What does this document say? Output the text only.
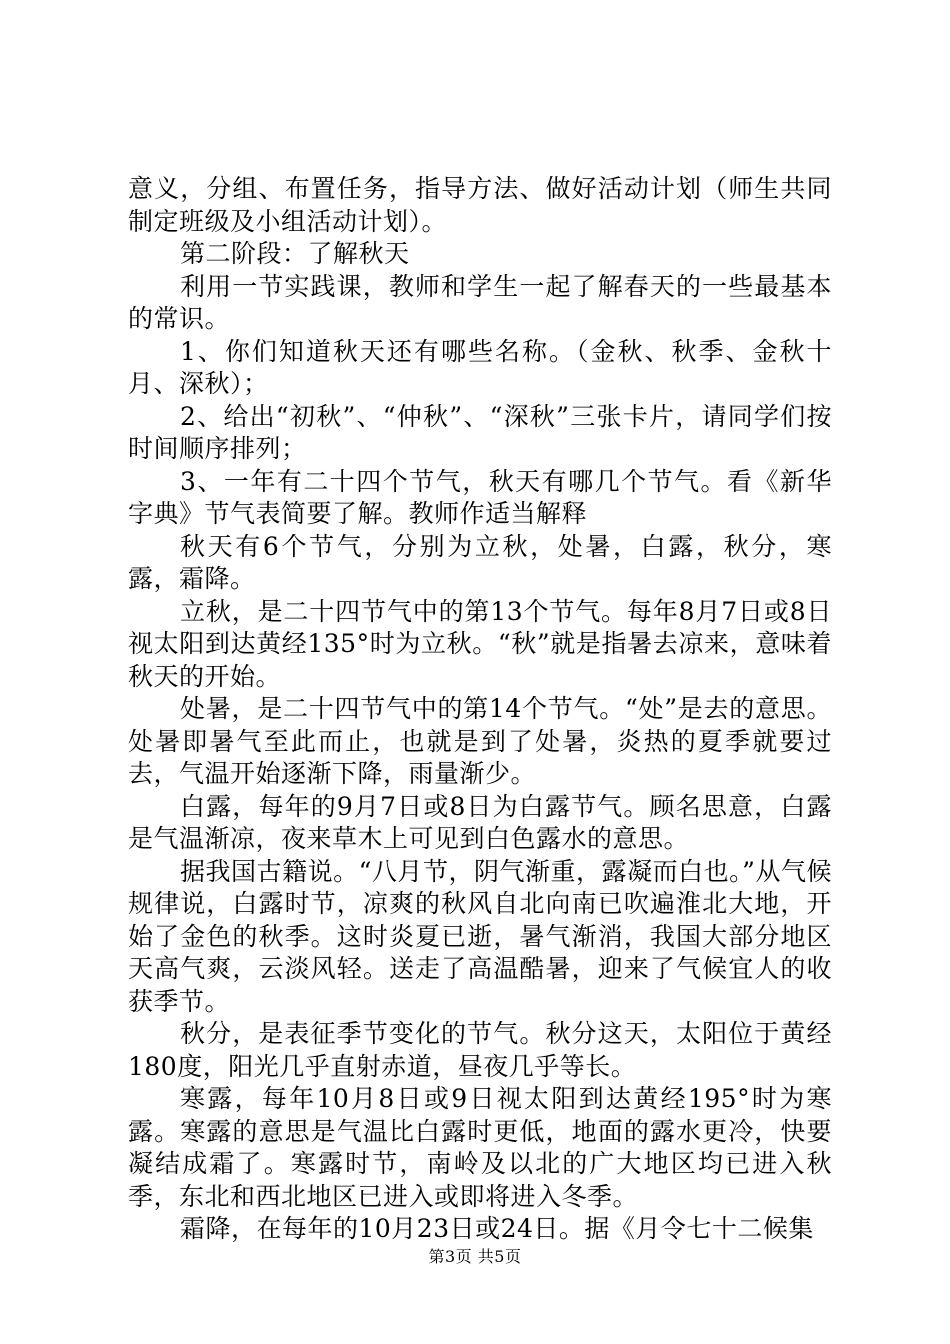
意义，分组、布置任务，指导方法、做好活动计划（师生共同制定班级及小组活动计划）。

第二阶段：了解秋天

利用一节实践课，教师和学生一起了解春天的一些最基本的常识。

1、你们知道秋天还有哪些名称。（金秋、秋季、金秋十月、深秋）；

2、给出“初秋”、“仲秋”、“深秋”三张卡片，请同学们按时间顺序排列；

3、一年有二十四个节气，秋天有哪几个节气。看《新华字典》节气表简要了解。教师作适当解释

秋天有6个节气，分别为立秋，处暑，白露，秋分，寒露，霜降。

立秋，是二十四节气中的第13个节气。每年8月7日或8日视太阳到达黄经135°时为立秋。“秋”就是指暑去凉来，意味着秋天的开始。

处暑，是二十四节气中的第14个节气。“处”是去的意思。处暑即暑气至此而止，也就是到了处暑，炎热的夏季就要过去，气温开始逐渐下降，雨量渐少。

白露，每年的9月7日或8日为白露节气。顾名思意，白露是气温渐凉，夜来草木上可见到白色露水的意思。

据我国古籍说。“八月节，阴气渐重，露凝而白也。”从气候规律说，白露时节，凉爽的秋风自北向南已吹遍淮北大地，开始了金色的秋季。这时炎夏已逝，暑气渐消，我国大部分地区天高气爽，云淡风轻。送走了高温酷暑，迎来了气候宜人的收获季节。

秋分，是表征季节变化的节气。秋分这天，太阳位于黄经180度，阳光几乎直射赤道，昼夜几乎等长。

寒露，每年10月8日或9日视太阳到达黄经195°时为寒露。寒露的意思是气温比白露时更低，地面的露水更冷，快要凝结成霜了。寒露时节，南岭及以北的广大地区均已进入秋季，东北和西北地区已进入或即将进入冬季。

霜降，在每年的10月23日或24日。据《月令七十二候集

第3页 共5页
